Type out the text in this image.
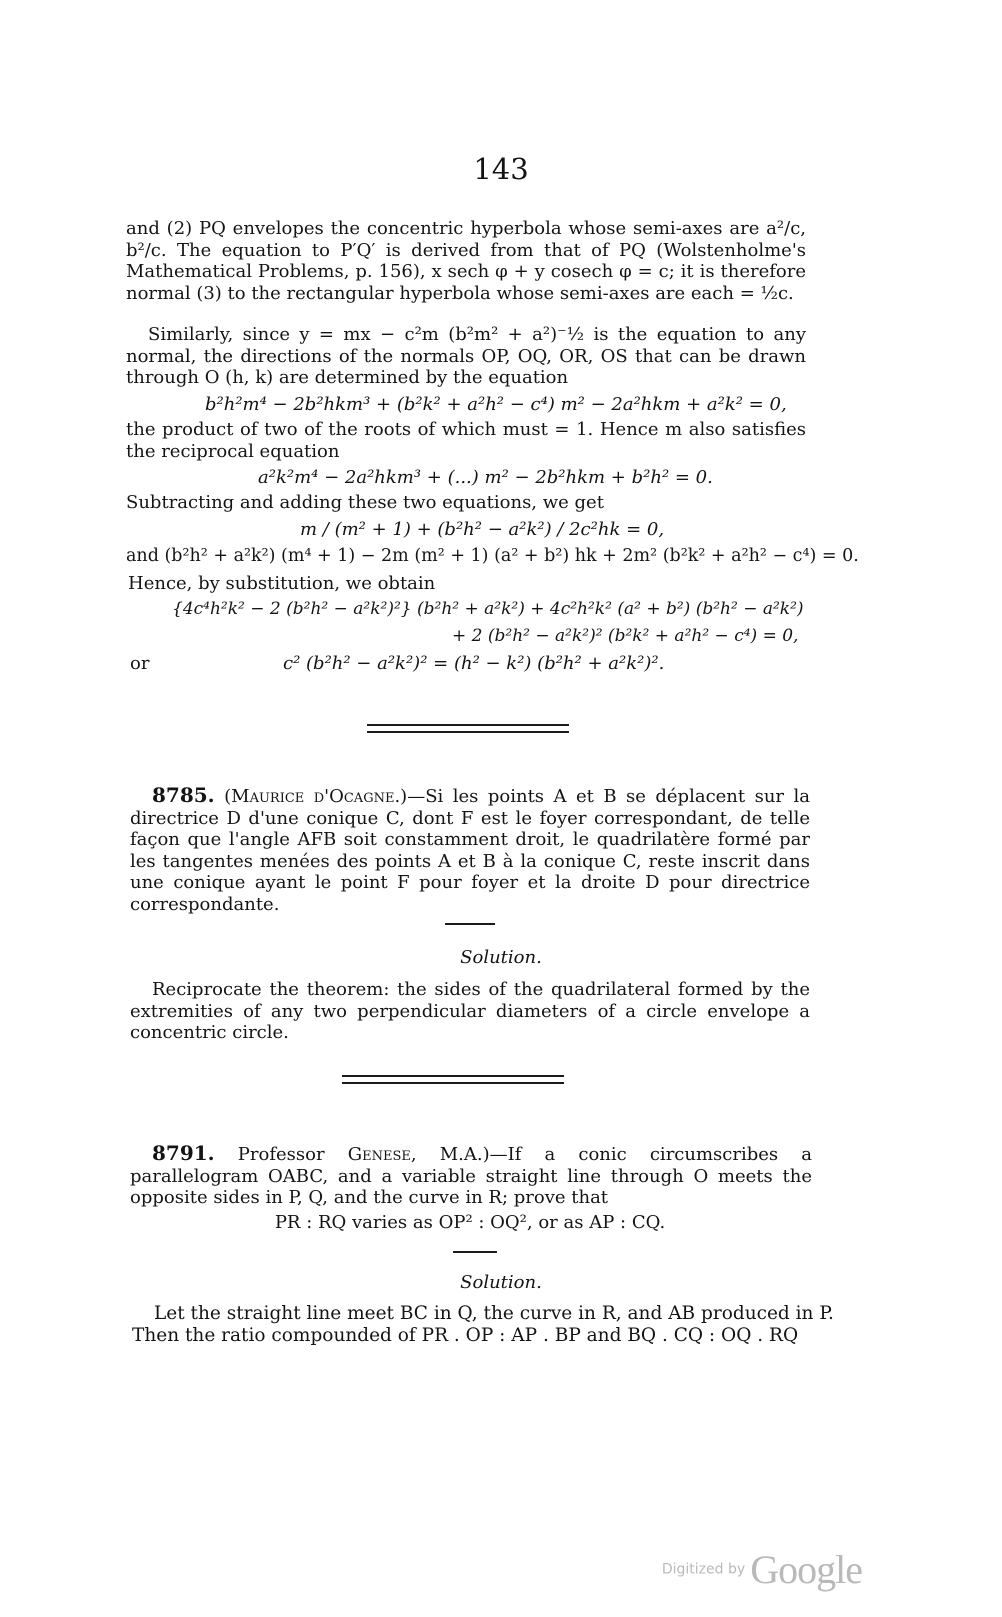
143
and (2) PQ envelopes the concentric hyperbola whose semi-axes are a²/c, b²/c. The equation to P′Q′ is derived from that of PQ (Wolstenholme's Mathematical Problems, p. 156), x sech φ + y cosech φ = c; it is therefore normal (3) to the rectangular hyperbola whose semi-axes are each = ½c.
Similarly, since y = mx − c²m (b²m² + a²)⁻½ is the equation to any normal, the directions of the normals OP, OQ, OR, OS that can be drawn through O (h, k) are determined by the equation
b²h²m⁴ − 2b²hkm³ + (b²k² + a²h² − c⁴) m² − 2a²hkm + a²k² = 0,
the product of two of the roots of which must = 1. Hence m also satisfies the reciprocal equation
a²k²m⁴ − 2a²hkm³ + (...) m² − 2b²hkm + b²h² = 0.
Subtracting and adding these two equations, we get
m / (m² + 1) + (b²h² − a²k²) / 2c²hk = 0,
and (b²h² + a²k²) (m⁴ + 1) − 2m (m² + 1) (a² + b²) hk + 2m² (b²k² + a²h² − c⁴) = 0.
Hence, by substitution, we obtain
{4c⁴h²k² − 2 (b²h² − a²k²)²} (b²h² + a²k²) + 4c²h²k² (a² + b²) (b²h² − a²k²)
+ 2 (b²h² − a²k²)² (b²k² + a²h² − c⁴) = 0,
or	c² (b²h² − a²k²)² = (h² − k²) (b²h² + a²k²)².
8785. (Maurice d'Ocagne.)—Si les points A et B se déplacent sur la directrice D d'une conique C, dont F est le foyer correspondant, de telle façon que l'angle AFB soit constamment droit, le quadrilatère formé par les tangentes menées des points A et B à la conique C, reste inscrit dans une conique ayant le point F pour foyer et la droite D pour directrice correspondante.
Solution.
Reciprocate the theorem: the sides of the quadrilateral formed by the extremities of any two perpendicular diameters of a circle envelope a concentric circle.
8791. Professor Genese, M.A.)—If a conic circumscribes a parallelogram OABC, and a variable straight line through O meets the opposite sides in P, Q, and the curve in R; prove that
PR : RQ varies as OP² : OQ², or as AP : CQ.
Solution.
Let the straight line meet BC in Q, the curve in R, and AB produced in P.
Then the ratio compounded of PR . OP : AP . BP and BQ . CQ : OQ . RQ
Digitized by Google
